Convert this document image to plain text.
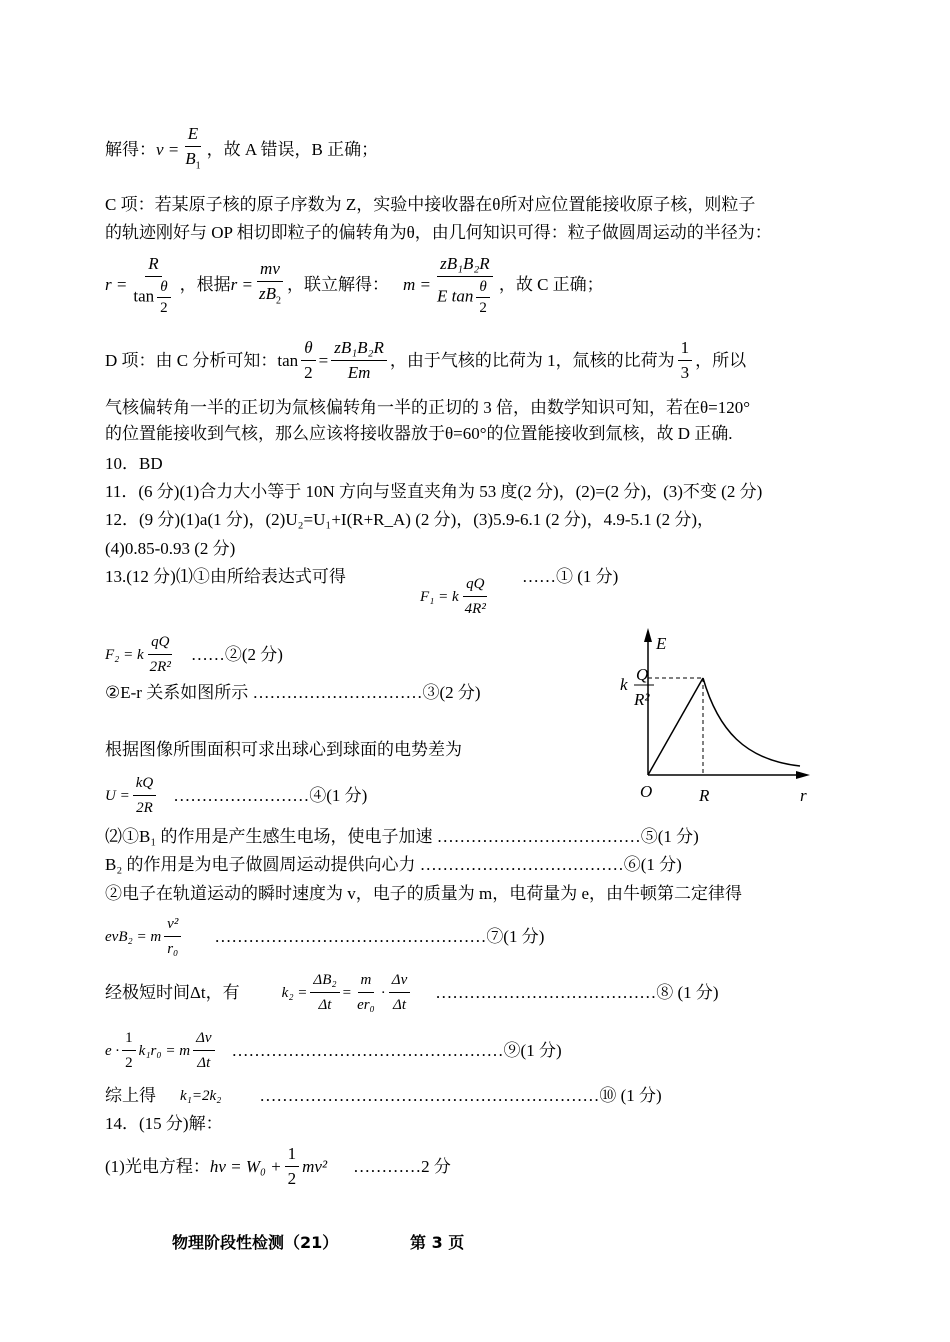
解得： $v = \frac{E}{B_1}$ ，故 A 错误，B 正确；
C 项：若某原子核的原子序数为 Z，实验中接收器在θ所对应位置能接收原子核，则粒子
的轨迹刚好与 OP 相切即粒子的偏转角为θ，由几何知识可得：粒子做圆周运动的半径为：
$r = \frac{R}{\tan \frac{\theta}{2}}$ ，根据 $r = \frac{mv}{zB_2}$ ，联立解得： $m = \frac{\text{zB₁B₂R}}{E \tan \frac{\theta}{2}}$ ，故 C 正确；
D 项：由 C 分析可知： $\tan \frac{\theta}{2} = \frac{\text{zB₁B₂R}}{Em}$ ，由于气核的比荷为 1，氚核的比荷为 $\frac{1}{3}$ ，所以
气核偏转角一半的正切为氚核偏转角一半的正切的 3 倍，由数学知识可知，若在θ=120°
的位置能接收到气核，那么应该将接收器放于θ=60°的位置能接收到氚核，故 D 正确.
10．BD
11．(6 分)(1)合力大小等于 10N 方向与竖直夹角为 53 度(2 分)，(2)=(2 分)，(3)不变 (2 分)
12．(9 分)(1)a(1 分)，(2)U₂=U₁+I(R+R_A) (2 分)，(3)5.9-6.1 (2 分)，4.9-5.1 (2 分)，
(4)0.85-0.93 (2 分)
13.(12 分)⑴①由所给表达式可得
F₁ = k $\frac{qQ}{\text{4R²}}$ ……① (1 分)
F₂ = k $\frac{qQ}{\text{2R²}}$ ……②(2 分)
②E-r 关系如图所示 …………………………③(2 分)
根据图像所围面积可求出球心到球面的电势差为
$U = \frac{kQ}{2R}$ ……………………④(1 分)
E
k
Q
R²
O	R	r
⑵①B₁ 的作用是产生感生电场，使电子加速 ………………………………⑤(1 分)
B₂ 的作用是为电子做圆周运动提供向心力 ………………………………⑥(1 分)
②电子在轨道运动的瞬时速度为 v，电子的质量为 m，电荷量为 e，由牛顿第二定律得
evB₂ = m $\frac{\text{v²}}{\text{r₀}}$ …………………………………………⑦(1 分)
经极短时间Δt，有	$k_2 = \frac{\text{ΔB₂}}{\Delta t} = \frac{m}{\text{er₀}} \cdot \frac{\Delta v}{\Delta t}$ …………………………………⑧ (1 分)
$e \cdot \frac{1}{2} k_1r_0 = m \frac{\Delta v}{\Delta t}$ …………………………………………⑨(1 分)
综上得 k₁=2k₂ ……………………………………………………⑩ (1 分)
14．(15 分)解：
(1)光电方程： $h\nu = W_0 + \frac{1}{2} mv^2$ …………2 分
物理阶段性检测（21）	第 3 页
